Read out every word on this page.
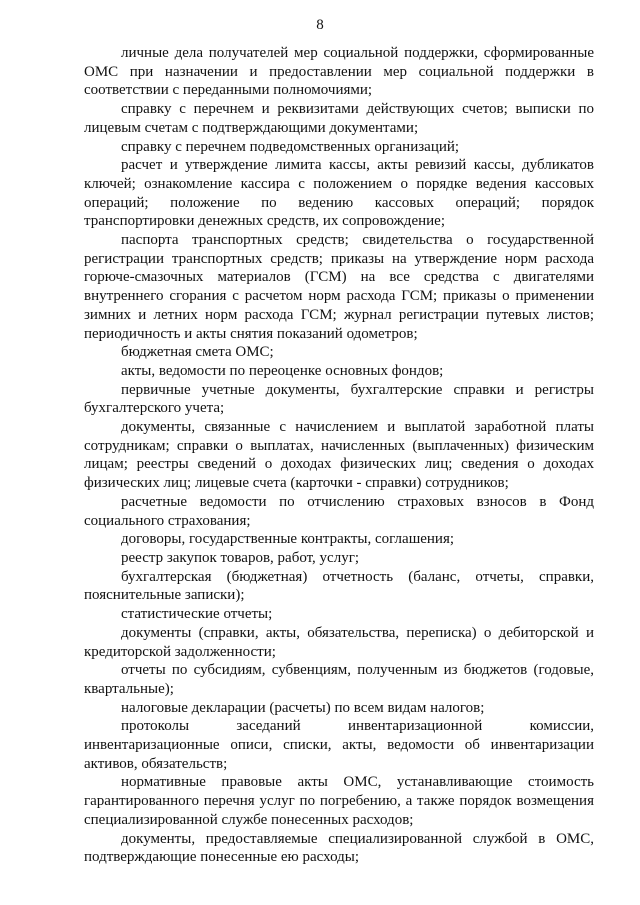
8

личные дела получателей мер социальной поддержки, сформированные ОМС при назначении и предоставлении мер социальной поддержки в соответствии с переданными полномочиями;

справку с перечнем и реквизитами действующих счетов; выписки по лицевым счетам с подтверждающими документами;

справку с перечнем подведомственных организаций;

расчет и утверждение лимита кассы, акты ревизий кассы, дубликатов ключей; ознакомление кассира с положением о порядке ведения кассовых операций; положение по ведению кассовых операций; порядок транспортировки денежных средств, их сопровождение;

паспорта транспортных средств; свидетельства о государственной регистрации транспортных средств; приказы на утверждение норм расхода горюче-смазочных материалов (ГСМ) на все средства с двигателями внутреннего сгорания с расчетом норм расхода ГСМ; приказы о применении зимних и летних норм расхода ГСМ; журнал регистрации путевых листов; периодичность и акты снятия показаний одометров;

бюджетная смета ОМС;

акты, ведомости по переоценке основных фондов;

первичные учетные документы, бухгалтерские справки и регистры бухгалтерского учета;

документы, связанные с начислением и выплатой заработной платы сотрудникам; справки о выплатах, начисленных (выплаченных) физическим лицам; реестры сведений о доходах физических лиц; сведения о доходах физических лиц; лицевые счета (карточки - справки) сотрудников;

расчетные ведомости по отчислению страховых взносов в Фонд социального страхования;

договоры, государственные контракты, соглашения;

реестр закупок товаров, работ, услуг;

бухгалтерская (бюджетная) отчетность (баланс, отчеты, справки, пояснительные записки);

статистические отчеты;

документы (справки, акты, обязательства, переписка) о дебиторской и кредиторской задолженности;

отчеты по субсидиям, субвенциям, полученным из бюджетов (годовые, квартальные);

налоговые декларации (расчеты) по всем видам налогов;

протоколы заседаний инвентаризационной комиссии, инвентаризационные описи, списки, акты, ведомости об инвентаризации активов, обязательств;

нормативные правовые акты ОМС, устанавливающие стоимость гарантированного перечня услуг по погребению, а также порядок возмещения специализированной службе понесенных расходов;

документы, предоставляемые специализированной службой в ОМС, подтверждающие понесенные ею расходы;
